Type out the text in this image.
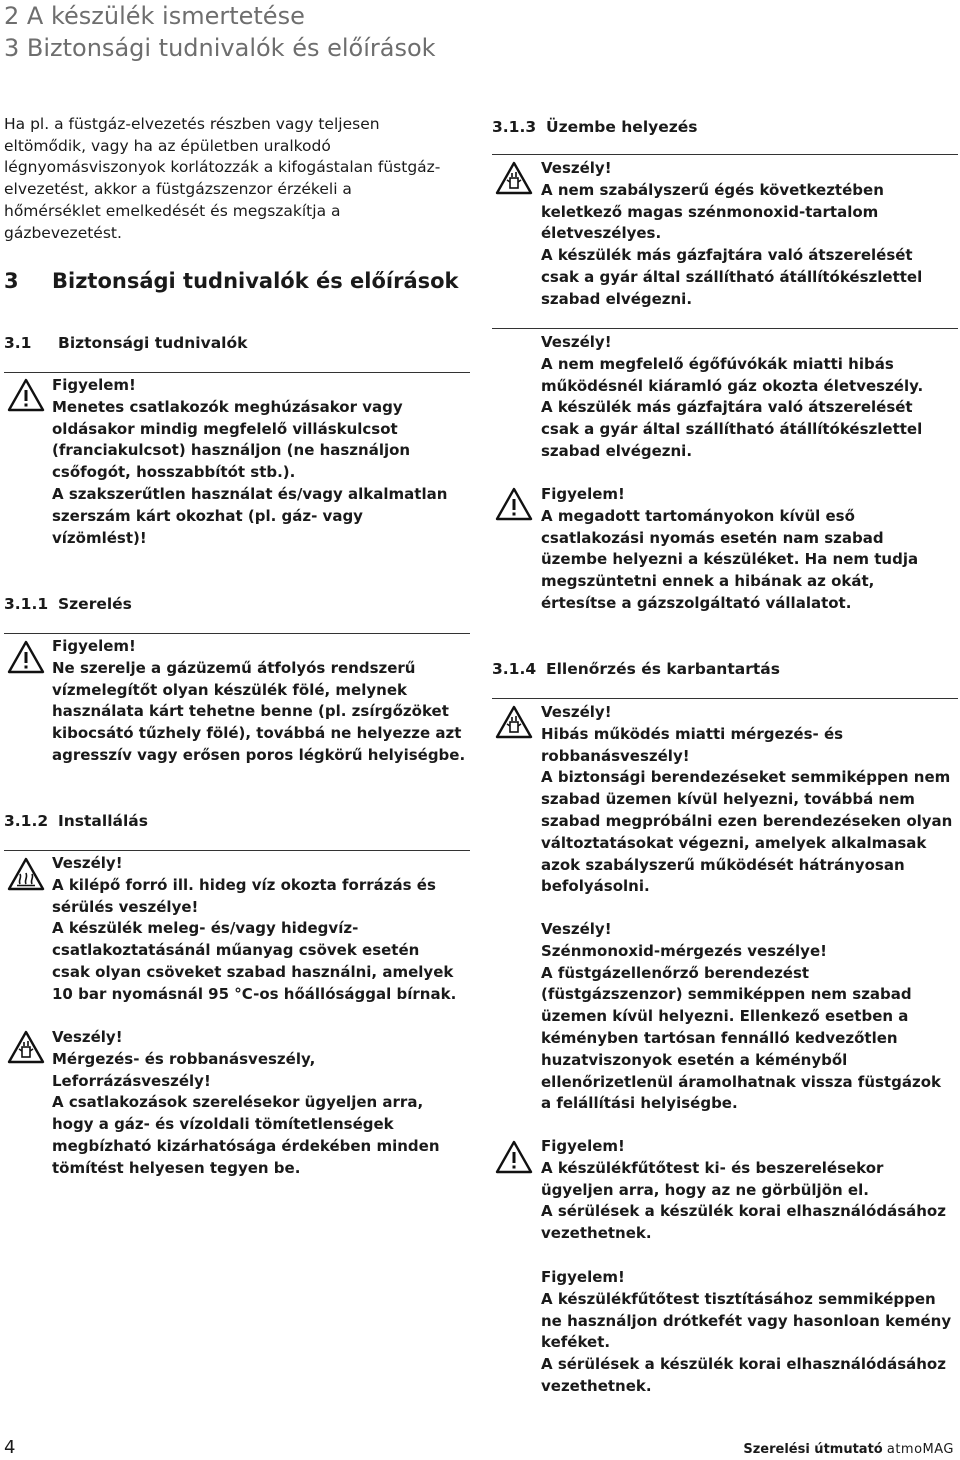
2 A készülék ismertetése
3 Biztonsági tudnivalók és előírások
Ha pl. a füstgáz-elvezetés részben vagy teljesen
eltömődik, vagy ha az épületben uralkodó
légnyomásviszonyok korlátozzák a kifogástalan füstgáz-
elvezetést, akkor a füstgázszenzor érzékeli a
hőmérséklet emelkedését és megszakítja a
gázbevezetést.
3 Biztonsági tudnivalók és előírások
3.1 Biztonsági tudnivalók
Figyelem!
Menetes csatlakozók meghúzásakor vagy
oldásakor mindig megfelelő villáskulcsot
(franciakulcsot) használjon (ne használjon
csőfogót, hosszabbítót stb.).
A szakszerűtlen használat és/vagy alkalmatlan
szerszám kárt okozhat (pl. gáz- vagy
vízömlést)!
3.1.1 Szerelés
Figyelem!
Ne szerelje a gázüzemű átfolyós rendszerű
vízmelegítőt olyan készülék fölé, melynek
használata kárt tehetne benne (pl. zsírgőzöket
kibocsátó tűzhely fölé), továbbá ne helyezze azt
agresszív vagy erősen poros légkörű helyiségbe.
3.1.2 Installálás
Veszély!
A kilépő forró ill. hideg víz okozta forrázás és
sérülés veszélye!
A készülék meleg- és/vagy hidegvíz-
csatlakoztatásánál műanyag csövek esetén
csak olyan csöveket szabad használni, amelyek
10 bar nyomásnál 95 °C-os hőállósággal bírnak.
Veszély!
Mérgezés- és robbanásveszély,
Leforrázásveszély!
A csatlakozások szerelésekor ügyeljen arra,
hogy a gáz- és vízoldali tömítetlenségek
megbízható kizárhatósága érdekében minden
tömítést helyesen tegyen be.
3.1.3 Üzembe helyezés
Veszély!
A nem szabályszerű égés következtében
keletkező magas szénmonoxid-tartalom
életveszélyes.
A készülék más gázfajtára való átszerelését
csak a gyár által szállítható átállítókészlettel
szabad elvégezni.
Veszély!
A nem megfelelő égőfúvókák miatti hibás
működésnél kiáramló gáz okozta életveszély.
A készülék más gázfajtára való átszerelését
csak a gyár által szállítható átállítókészlettel
szabad elvégezni.
Figyelem!
A megadott tartományokon kívül eső
csatlakozási nyomás esetén nam szabad
üzembe helyezni a készüléket. Ha nem tudja
megszüntetni ennek a hibának az okát,
értesítse a gázszolgáltató vállalatot.
3.1.4 Ellenőrzés és karbantartás
Veszély!
Hibás működés miatti mérgezés- és
robbanásveszély!
A biztonsági berendezéseket semmiképpen nem
szabad üzemen kívül helyezni, továbbá nem
szabad megpróbálni ezen berendezéseken olyan
változtatásokat végezni, amelyek alkalmasak
azok szabályszerű működését hátrányosan
befolyásolni.
Veszély!
Szénmonoxid-mérgezés veszélye!
A füstgázellenőrző berendezést
(füstgázszenzor) semmiképpen nem szabad
üzemen kívül helyezni. Ellenkező esetben a
kéményben tartósan fennálló kedvezőtlen
huzatviszonyok esetén a kéményből
ellenőrizetlenül áramolhatnak vissza füstgázok
a felállítási helyiségbe.
Figyelem!
A készülékfűtőtest ki- és beszerelésekor
ügyeljen arra, hogy az ne görbüljön el.
A sérülések a készülék korai elhasználódásához
vezethetnek.
Figyelem!
A készülékfűtőtest tisztításához semmiképpen
ne használjon drótkefét vagy hasonloan kemény
keféket.
A sérülések a készülék korai elhasználódásához
vezethetnek.
4	Szerelési útmutató atmoMAG
